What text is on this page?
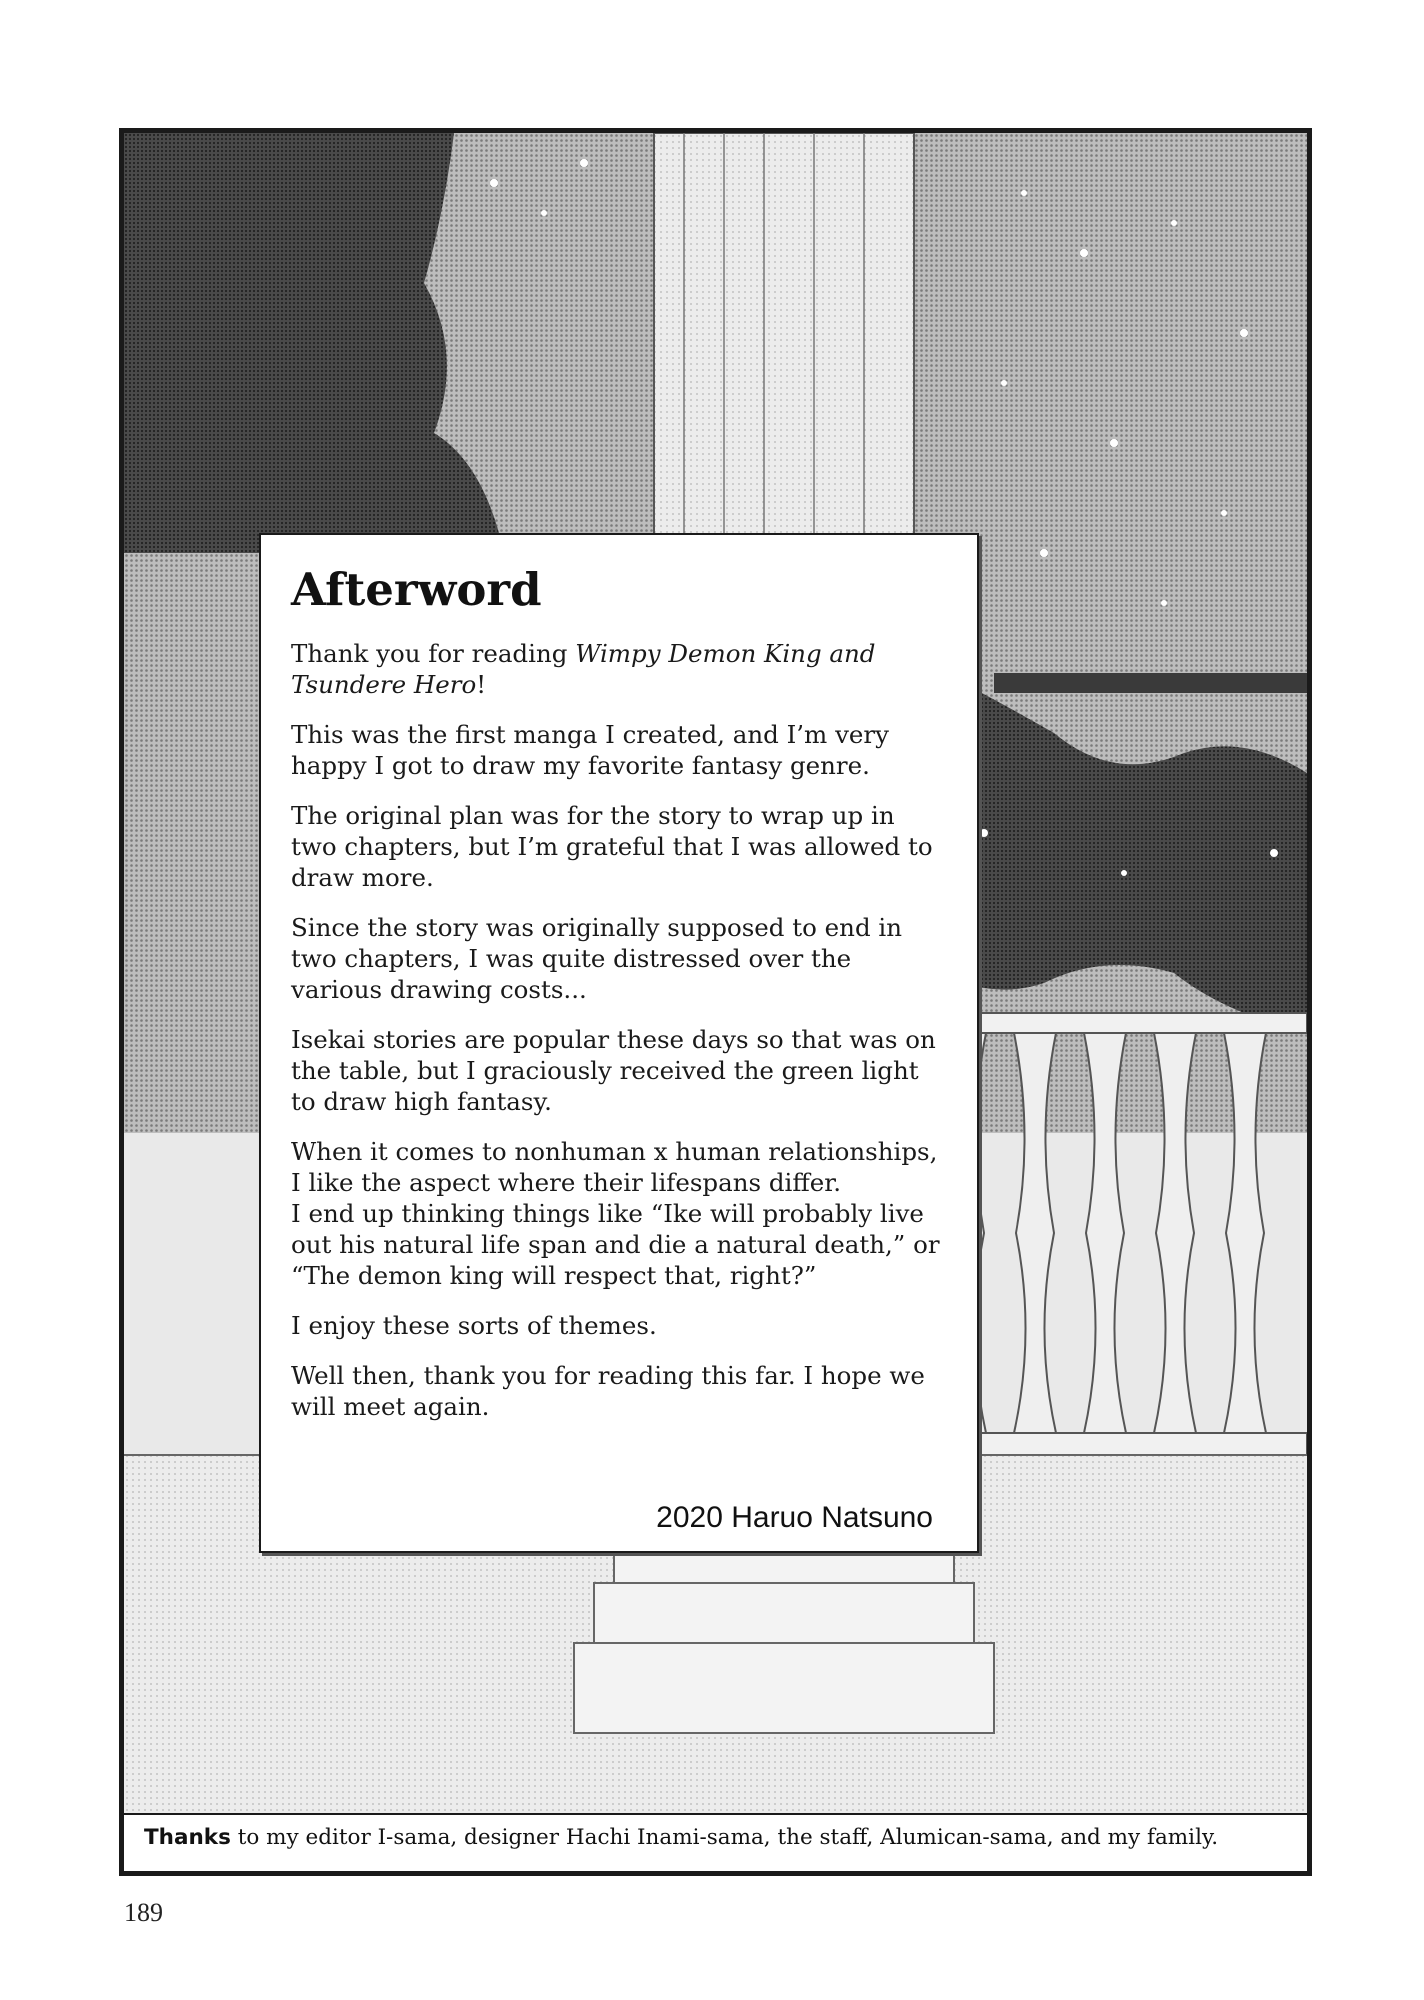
Afterword

Thank you for reading Wimpy Demon King and Tsundere Hero!

This was the first manga I created, and I’m very happy I got to draw my favorite fantasy genre.

The original plan was for the story to wrap up in two chapters, but I’m grateful that I was allowed to draw more.

Since the story was originally supposed to end in two chapters, I was quite distressed over the various drawing costs...

Isekai stories are popular these days so that was on the table, but I graciously received the green light to draw high fantasy.

When it comes to nonhuman x human relationships, I like the aspect where their lifespans differ.

I end up thinking things like “Ike will probably live out his natural life span and die a natural death,” or “The demon king will respect that, right?”

I enjoy these sorts of themes.

Well then, thank you for reading this far. I hope we will meet again.

2020 Haruo Natsuno
Thanks to my editor I-sama, designer Hachi Inami-sama, the staff, Alumican-sama, and my family.
189
